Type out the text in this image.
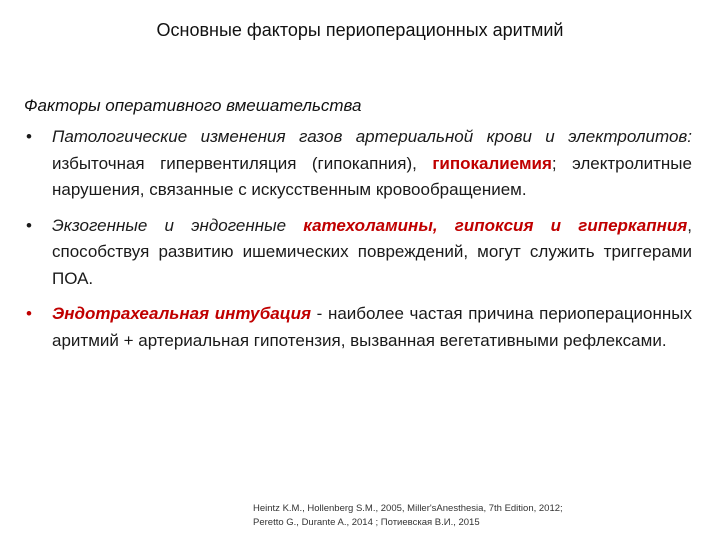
Основные факторы периоперационных аритмий
Факторы оперативного вмешательства
• Патологические изменения газов артериальной крови и электролитов: избыточная гипервентиляция (гипокапния), гипокалиемия; электролитные нарушения, связанные с искусственным кровообращением.
• Экзогенные и эндогенные катехоламины, гипоксия и гиперкапния, способствуя развитию ишемических повреждений, могут служить триггерами ПОА.
• Эндотрахеальная интубация - наиболее частая причина периоперационных аритмий + артериальная гипотензия, вызванная вегетативными рефлексами.
Heintz K.M., Hollenberg S.M., 2005, Miller'sAnesthesia, 7th Edition, 2012;
Peretto G., Durante A., 2014 ; Потиевская В.И., 2015
